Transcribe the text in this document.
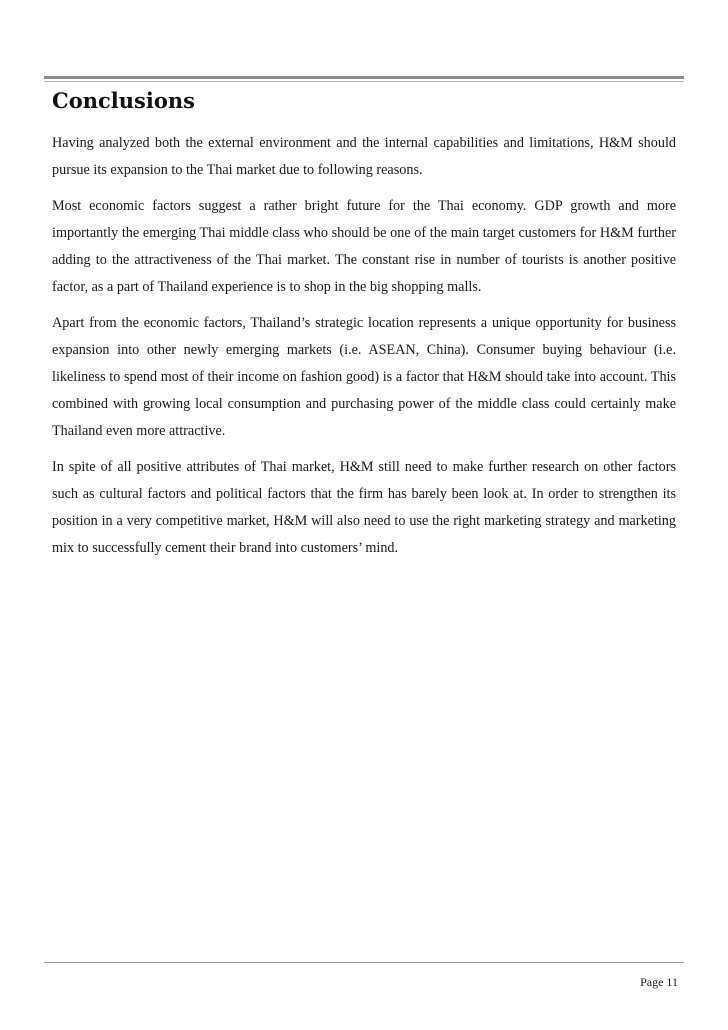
Conclusions

Having analyzed both the external environment and the internal capabilities and limitations, H&M should pursue its expansion to the Thai market due to following reasons.

Most economic factors suggest a rather bright future for the Thai economy. GDP growth and more importantly the emerging Thai middle class who should be one of the main target customers for H&M further adding to the attractiveness of the Thai market. The constant rise in number of tourists is another positive factor, as a part of Thailand experience is to shop in the big shopping malls.

Apart from the economic factors, Thailand’s strategic location represents a unique opportunity for business expansion into other newly emerging markets (i.e. ASEAN, China). Consumer buying behaviour (i.e. likeliness to spend most of their income on fashion good) is a factor that H&M should take into account. This combined with growing local consumption and purchasing power of the middle class could certainly make Thailand even more attractive.

In spite of all positive attributes of Thai market, H&M still need to make further research on other factors such as cultural factors and political factors that the firm has barely been look at. In order to strengthen its position in a very competitive market, H&M will also need to use the right marketing strategy and marketing mix to successfully cement their brand into customers’ mind.

Page 11
